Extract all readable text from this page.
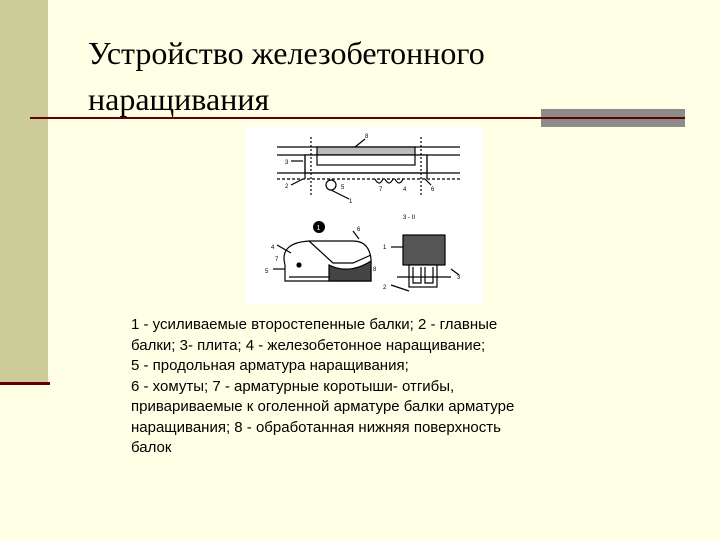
Устройство железобетонного
наращивания
3
2
8
1
5	7	4	6
1
3 - II
1
2
3
4
5
6
7
8

1 - усиливаемые второстепенные балки; 2 - главные
балки; 3- плита; 4 - железобетонное наращивание;
5 - продольная арматура наращивания;
6 - хомуты; 7 - арматурные коротыши- отгибы,
привариваемые к оголенной арматуре балки арматуре
наращивания; 8 - обработанная нижняя поверхность
балок
